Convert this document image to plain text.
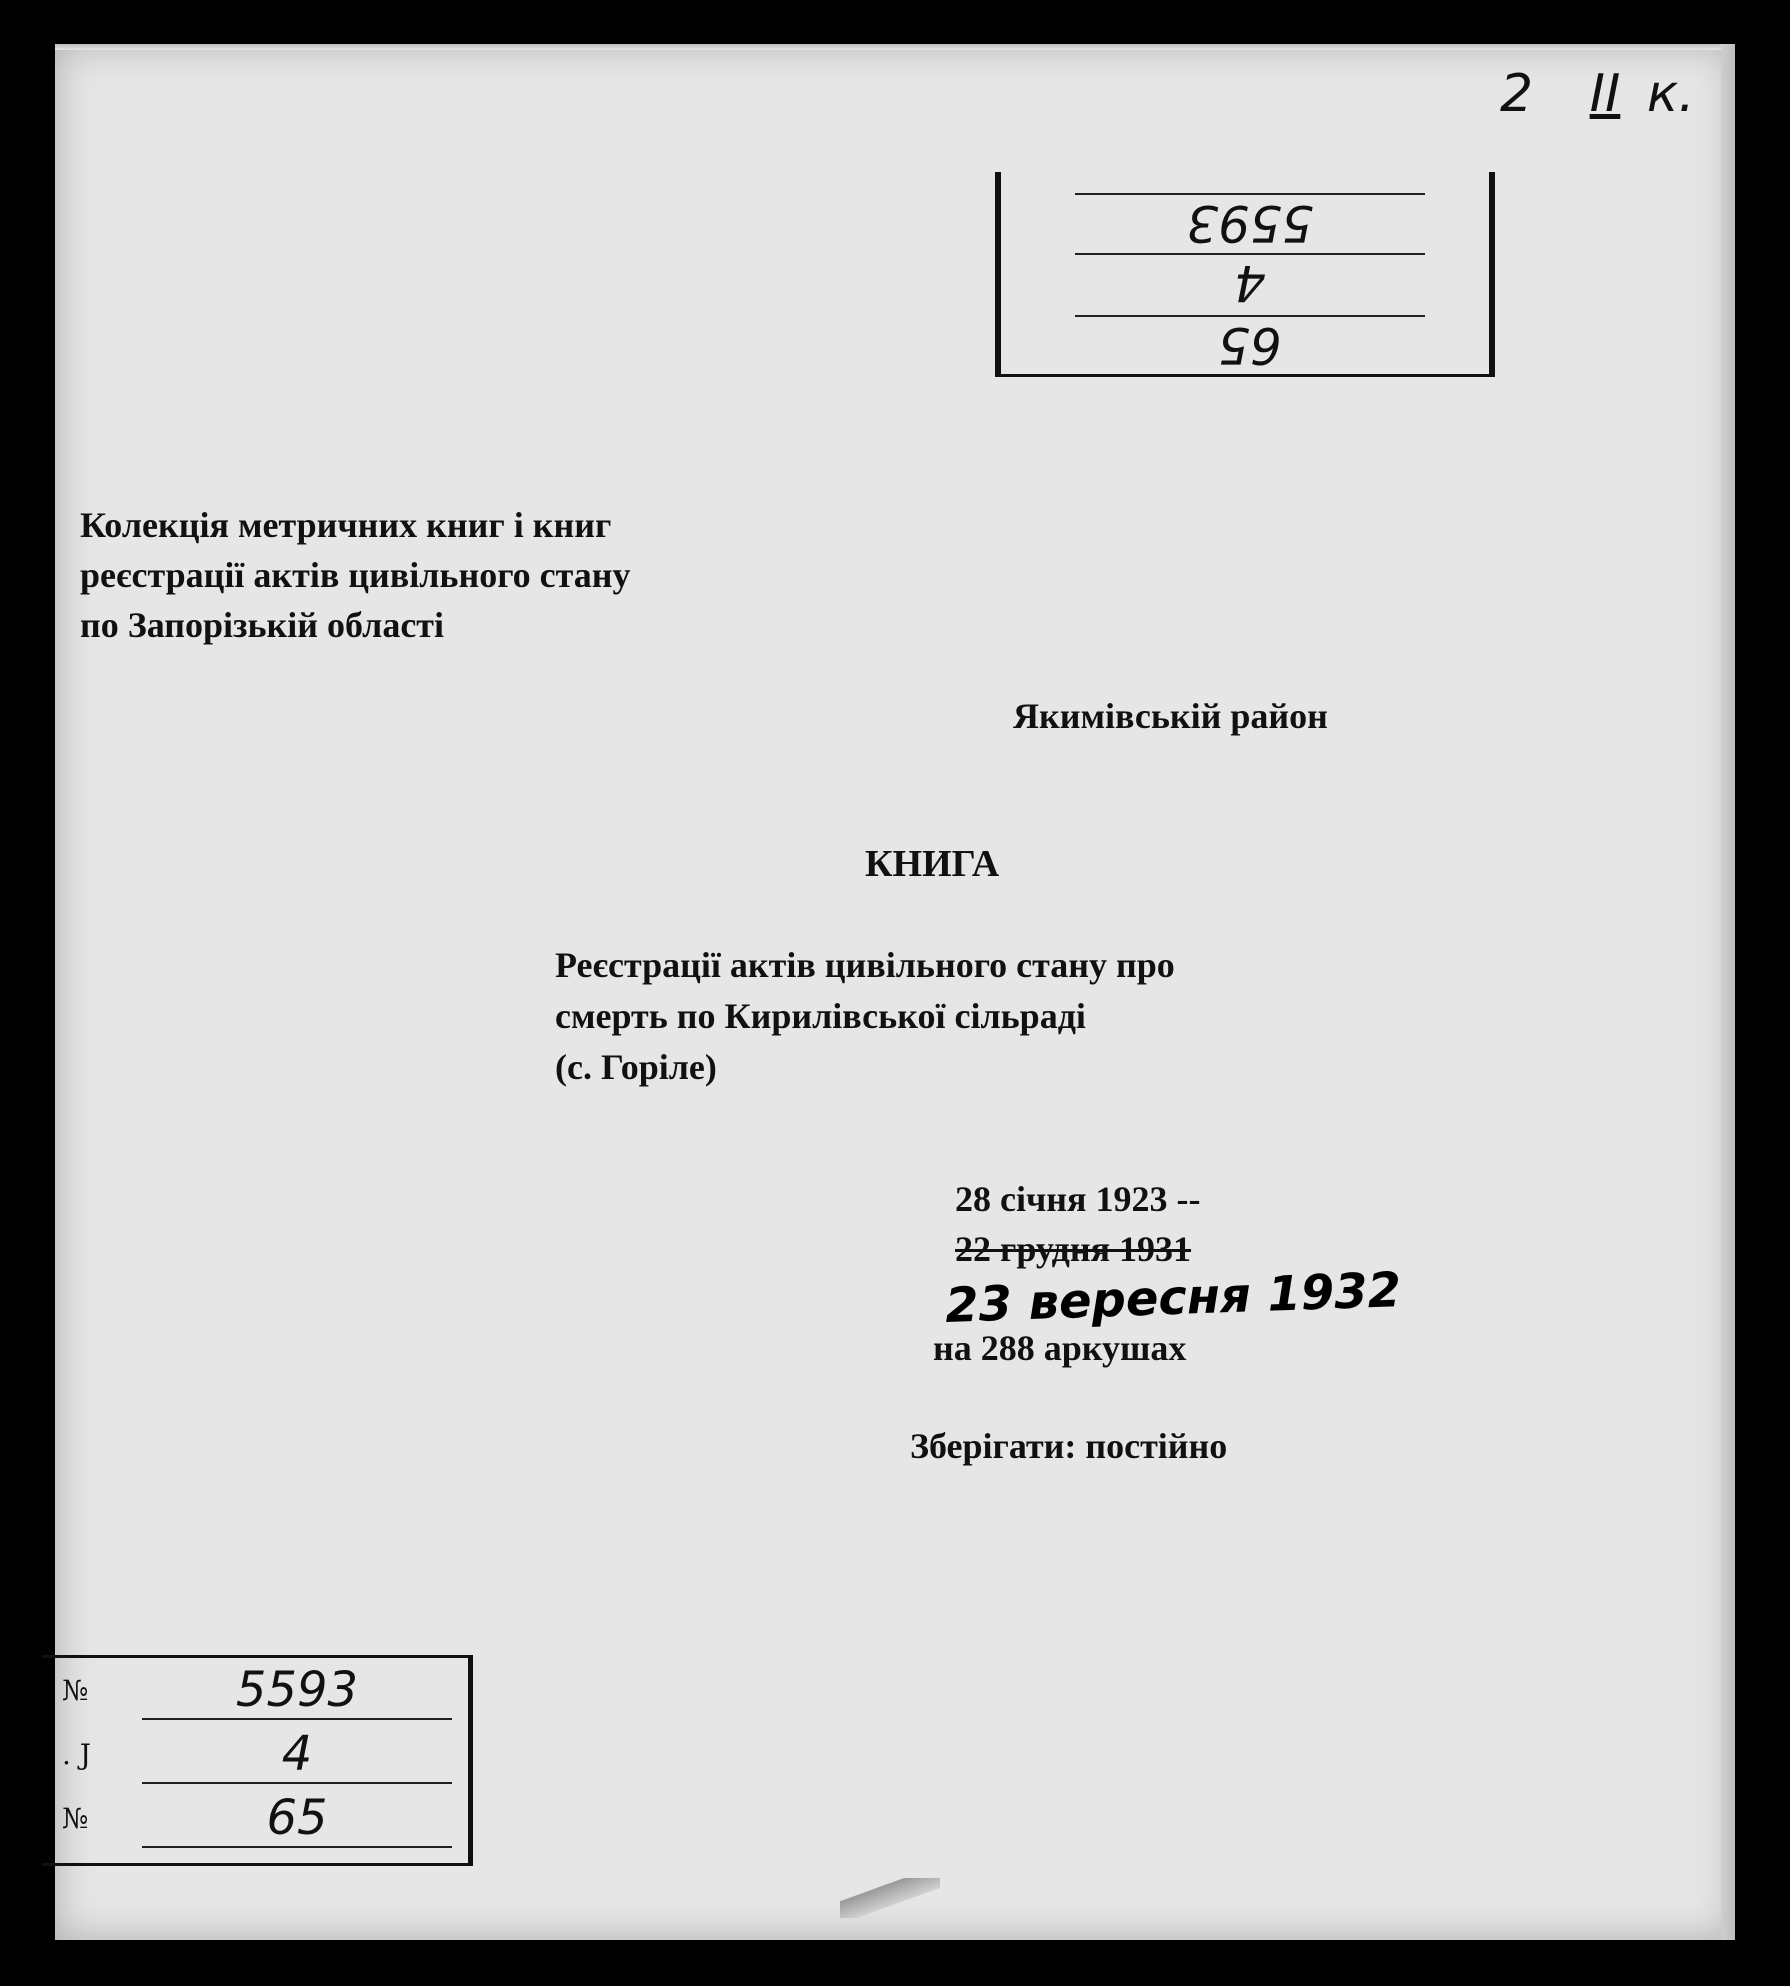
2 II к.
65
4
5593
Колекція метричних книг і книг
реєстрації актів цивільного стану
по Запорізькій області
Якимівській район
КНИГА
Реєстрації актів цивільного стану про
смерть по Кирилівської сільраді
(с. Горіле)
28 січня 1923 --
22 грудня 1931
23 вересня 1932
на 288 аркушах
Зберігати: постійно
№	5593
. J	4
№	65
